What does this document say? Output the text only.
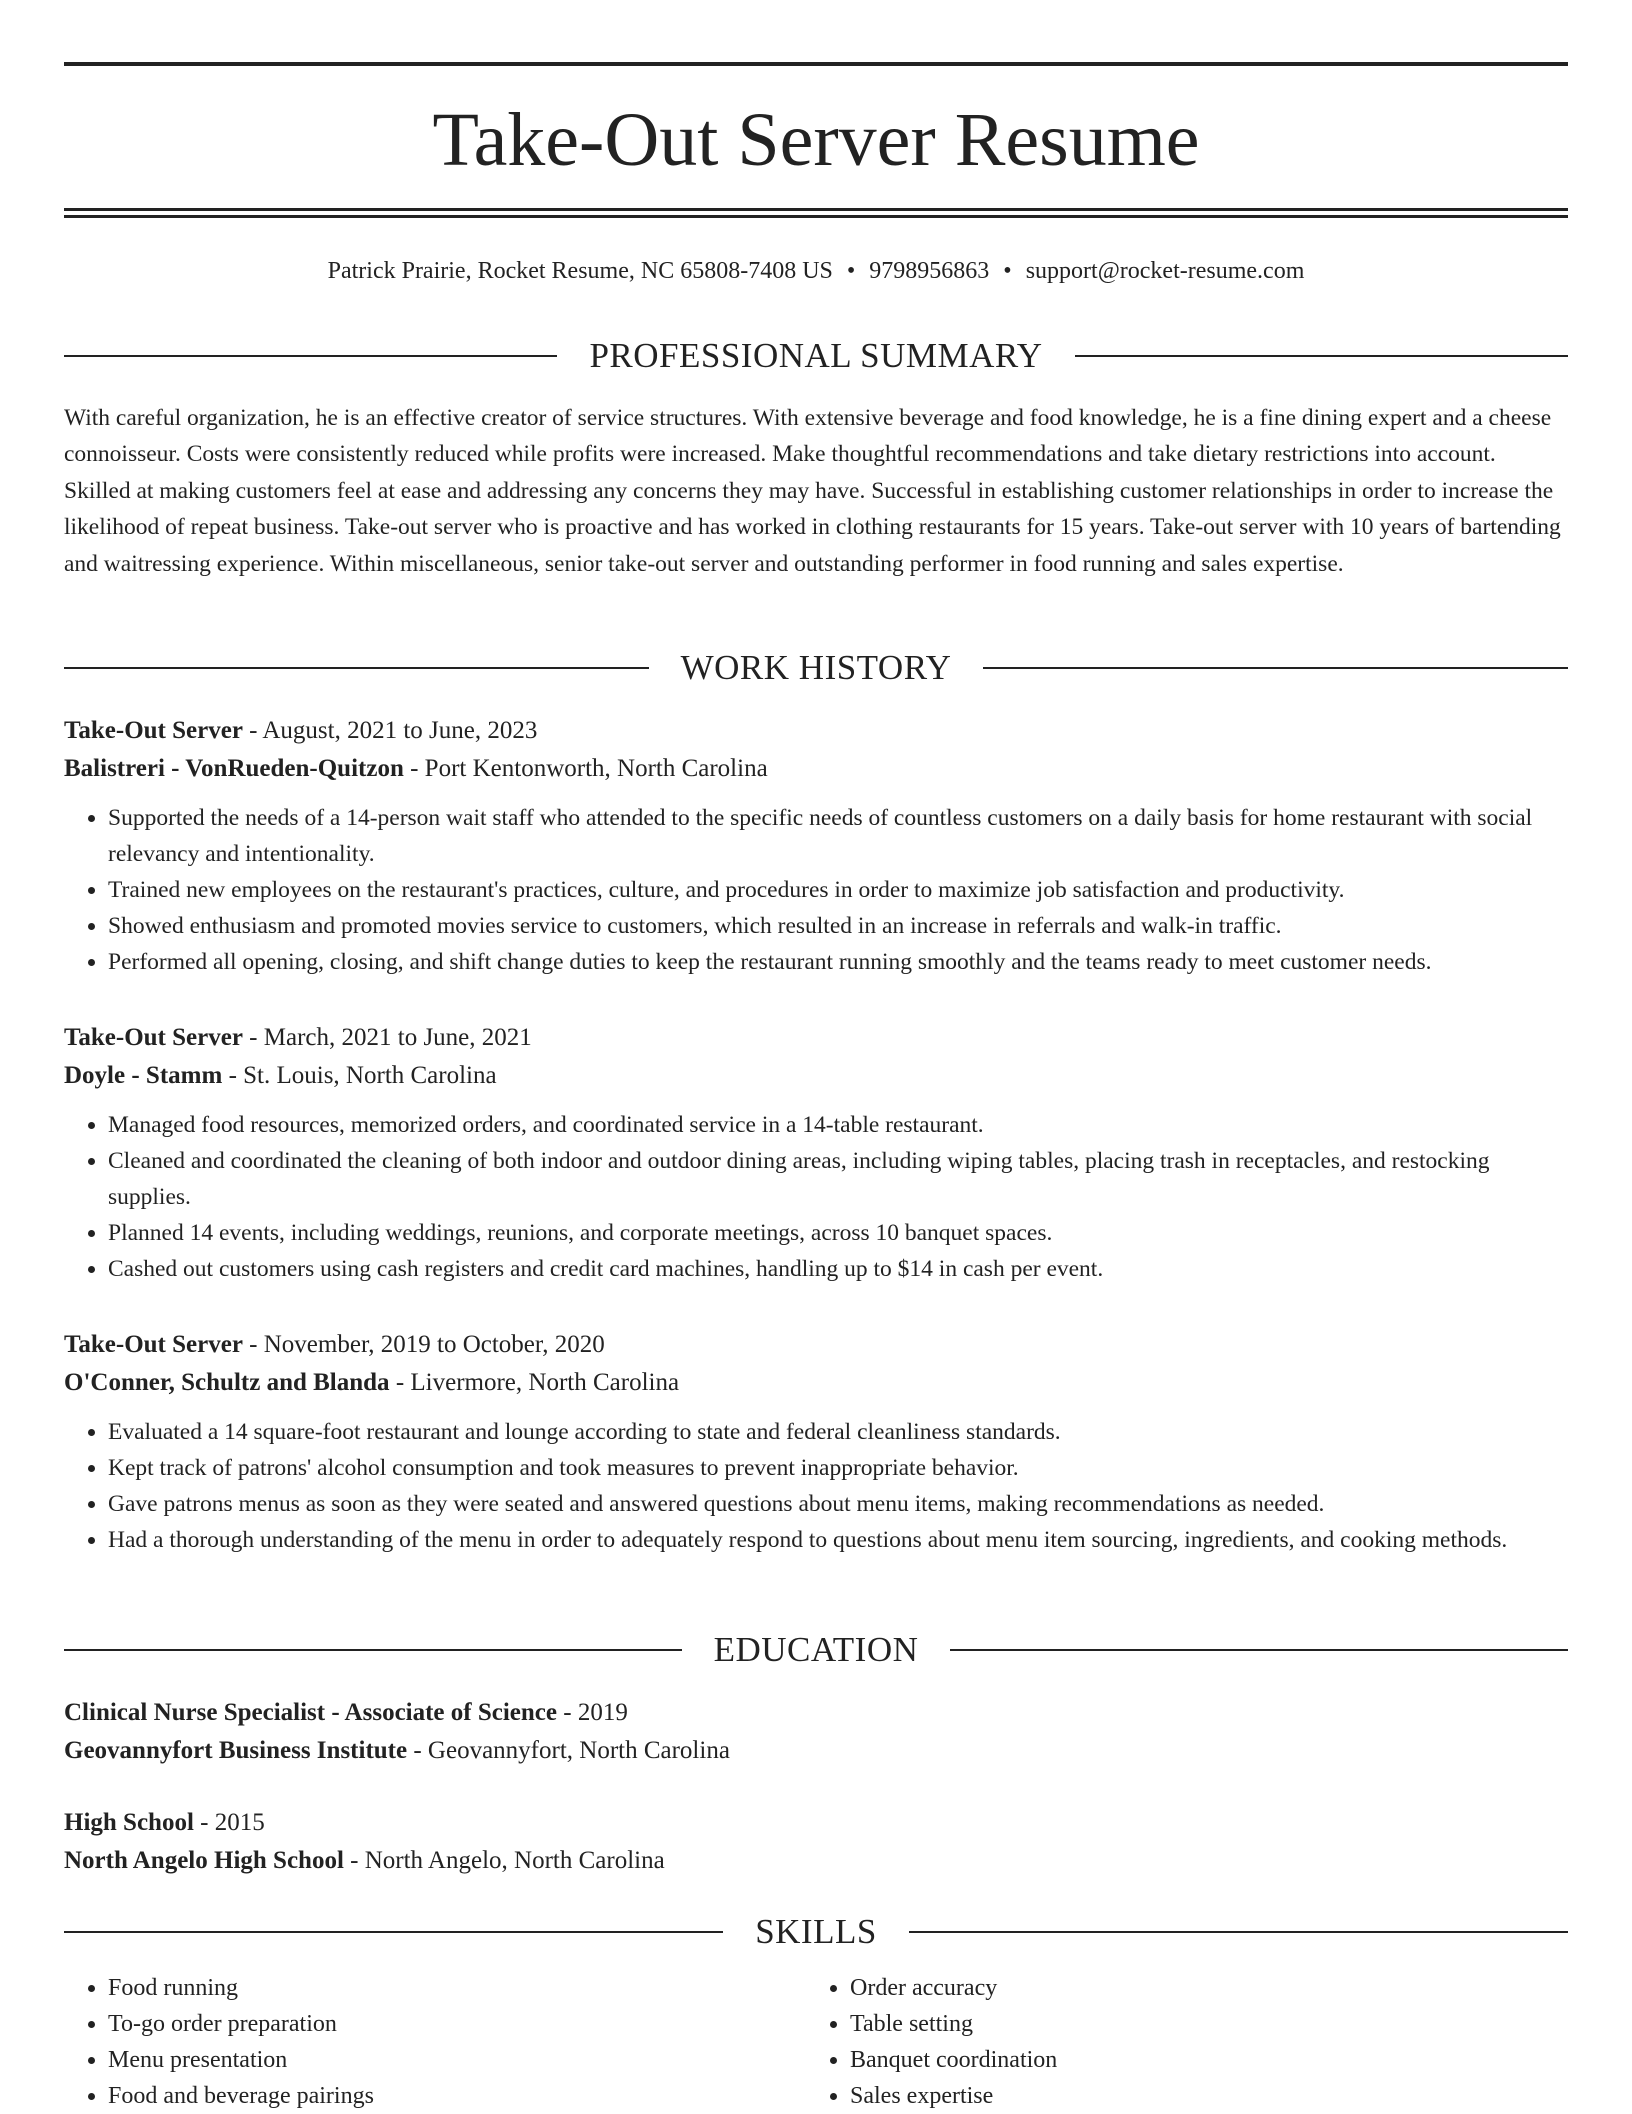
Take-Out Server Resume
Patrick Prairie, Rocket Resume, NC 65808-7408 US • 9798956863 • support@rocket-resume.com
PROFESSIONAL SUMMARY

With careful organization, he is an effective creator of service structures. With extensive beverage and food knowledge, he is a fine dining expert and a cheese connoisseur. Costs were consistently reduced while profits were increased. Make thoughtful recommendations and take dietary restrictions into account. Skilled at making customers feel at ease and addressing any concerns they may have. Successful in establishing customer relationships in order to increase the likelihood of repeat business. Take-out server who is proactive and has worked in clothing restaurants for 15 years. Take-out server with 10 years of bartending and waitressing experience. Within miscellaneous, senior take-out server and outstanding performer in food running and sales expertise.

WORK HISTORY
Take-Out Server - August, 2021 to June, 2023
Balistreri - VonRueden-Quitzon - Port Kentonworth, North Carolina
• Supported the needs of a 14-person wait staff who attended to the specific needs of countless customers on a daily basis for home restaurant with social relevancy and intentionality.
• Trained new employees on the restaurant's practices, culture, and procedures in order to maximize job satisfaction and productivity.
• Showed enthusiasm and promoted movies service to customers, which resulted in an increase in referrals and walk-in traffic.
• Performed all opening, closing, and shift change duties to keep the restaurant running smoothly and the teams ready to meet customer needs.
Take-Out Server - March, 2021 to June, 2021
Doyle - Stamm - St. Louis, North Carolina
• Managed food resources, memorized orders, and coordinated service in a 14-table restaurant.
• Cleaned and coordinated the cleaning of both indoor and outdoor dining areas, including wiping tables, placing trash in receptacles, and restocking supplies.
• Planned 14 events, including weddings, reunions, and corporate meetings, across 10 banquet spaces.
• Cashed out customers using cash registers and credit card machines, handling up to $14 in cash per event.
Take-Out Server - November, 2019 to October, 2020
O'Conner, Schultz and Blanda - Livermore, North Carolina
• Evaluated a 14 square-foot restaurant and lounge according to state and federal cleanliness standards.
• Kept track of patrons' alcohol consumption and took measures to prevent inappropriate behavior.
• Gave patrons menus as soon as they were seated and answered questions about menu items, making recommendations as needed.
• Had a thorough understanding of the menu in order to adequately respond to questions about menu item sourcing, ingredients, and cooking methods.
EDUCATION
Clinical Nurse Specialist - Associate of Science - 2019
Geovannyfort Business Institute - Geovannyfort, North Carolina
High School - 2015
North Angelo High School - North Angelo, North Carolina
SKILLS
• Food running
• To-go order preparation
• Menu presentation
• Food and beverage pairings
• Order accuracy
• Table setting
• Banquet coordination
• Sales expertise
